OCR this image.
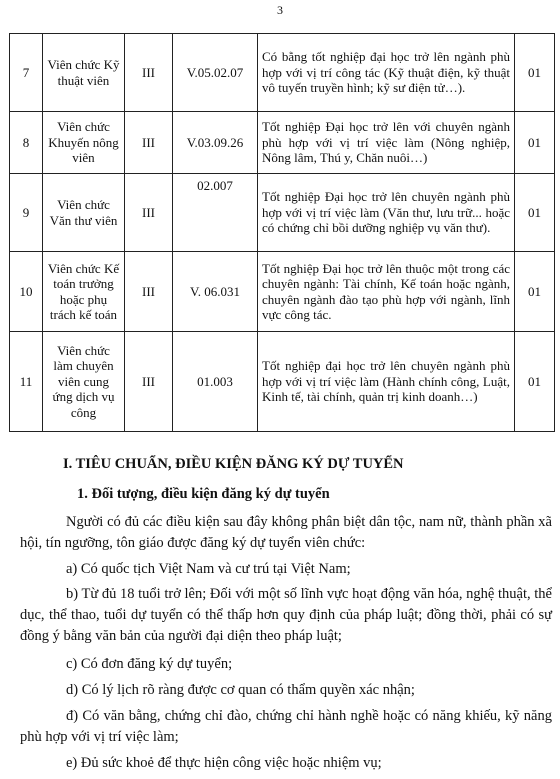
3
7	Viên chức Kỹ thuật viên	III	V.05.02.07	Có bằng tốt nghiệp đại học trở lên ngành phù hợp với vị trí công tác (Kỹ thuật điện, kỹ thuật vô tuyến truyền hình; kỹ sư điện tử…).	01
8	Viên chức Khuyến nông viên	III	V.03.09.26	Tốt nghiệp Đại học trở lên với chuyên ngành phù hợp với vị trí việc làm (Nông nghiệp, Nông lâm, Thú y, Chăn nuôi…)	01
9	Viên chức Văn thư viên	III	02.007	Tốt nghiệp Đại học trở lên chuyên ngành phù hợp với vị trí việc làm (Văn thư, lưu trữ... hoặc có chứng chỉ bồi dưỡng nghiệp vụ văn thư).	01
10	Viên chức Kế toán trưởng hoặc phụ trách kế toán	III	V. 06.031	Tốt nghiệp Đại học trở lên thuộc một trong các chuyên ngành: Tài chính, Kế toán hoặc ngành, chuyên ngành đào tạo phù hợp với ngành, lĩnh vực công tác.	01
11	Viên chức làm chuyên viên cung ứng dịch vụ công	III	01.003	Tốt nghiệp đại học trở lên chuyên ngành phù hợp với vị trí việc làm (Hành chính công, Luật, Kinh tế, tài chính, quản trị kinh doanh…)	01
I. TIÊU CHUẨN, ĐIỀU KIỆN ĐĂNG KÝ DỰ TUYỂN
1. Đối tượng, điều kiện đăng ký dự tuyển
Người có đủ các điều kiện sau đây không phân biệt dân tộc, nam nữ, thành phần xã hội, tín ngưỡng, tôn giáo được đăng ký dự tuyển viên chức:
a) Có quốc tịch Việt Nam và cư trú tại Việt Nam;
b) Từ đủ 18 tuổi trở lên; Đối với một số lĩnh vực hoạt động văn hóa, nghệ thuật, thể dục, thể thao, tuổi dự tuyển có thể thấp hơn quy định của pháp luật; đồng thời, phải có sự đồng ý bằng văn bản của người đại diện theo pháp luật;
c) Có đơn đăng ký dự tuyển;
d) Có lý lịch rõ ràng được cơ quan có thẩm quyền xác nhận;
đ) Có văn bằng, chứng chỉ đào, chứng chỉ hành nghề hoặc có năng khiếu, kỹ năng phù hợp với vị trí việc làm;
e) Đủ sức khoẻ để thực hiện công việc hoặc nhiệm vụ;
